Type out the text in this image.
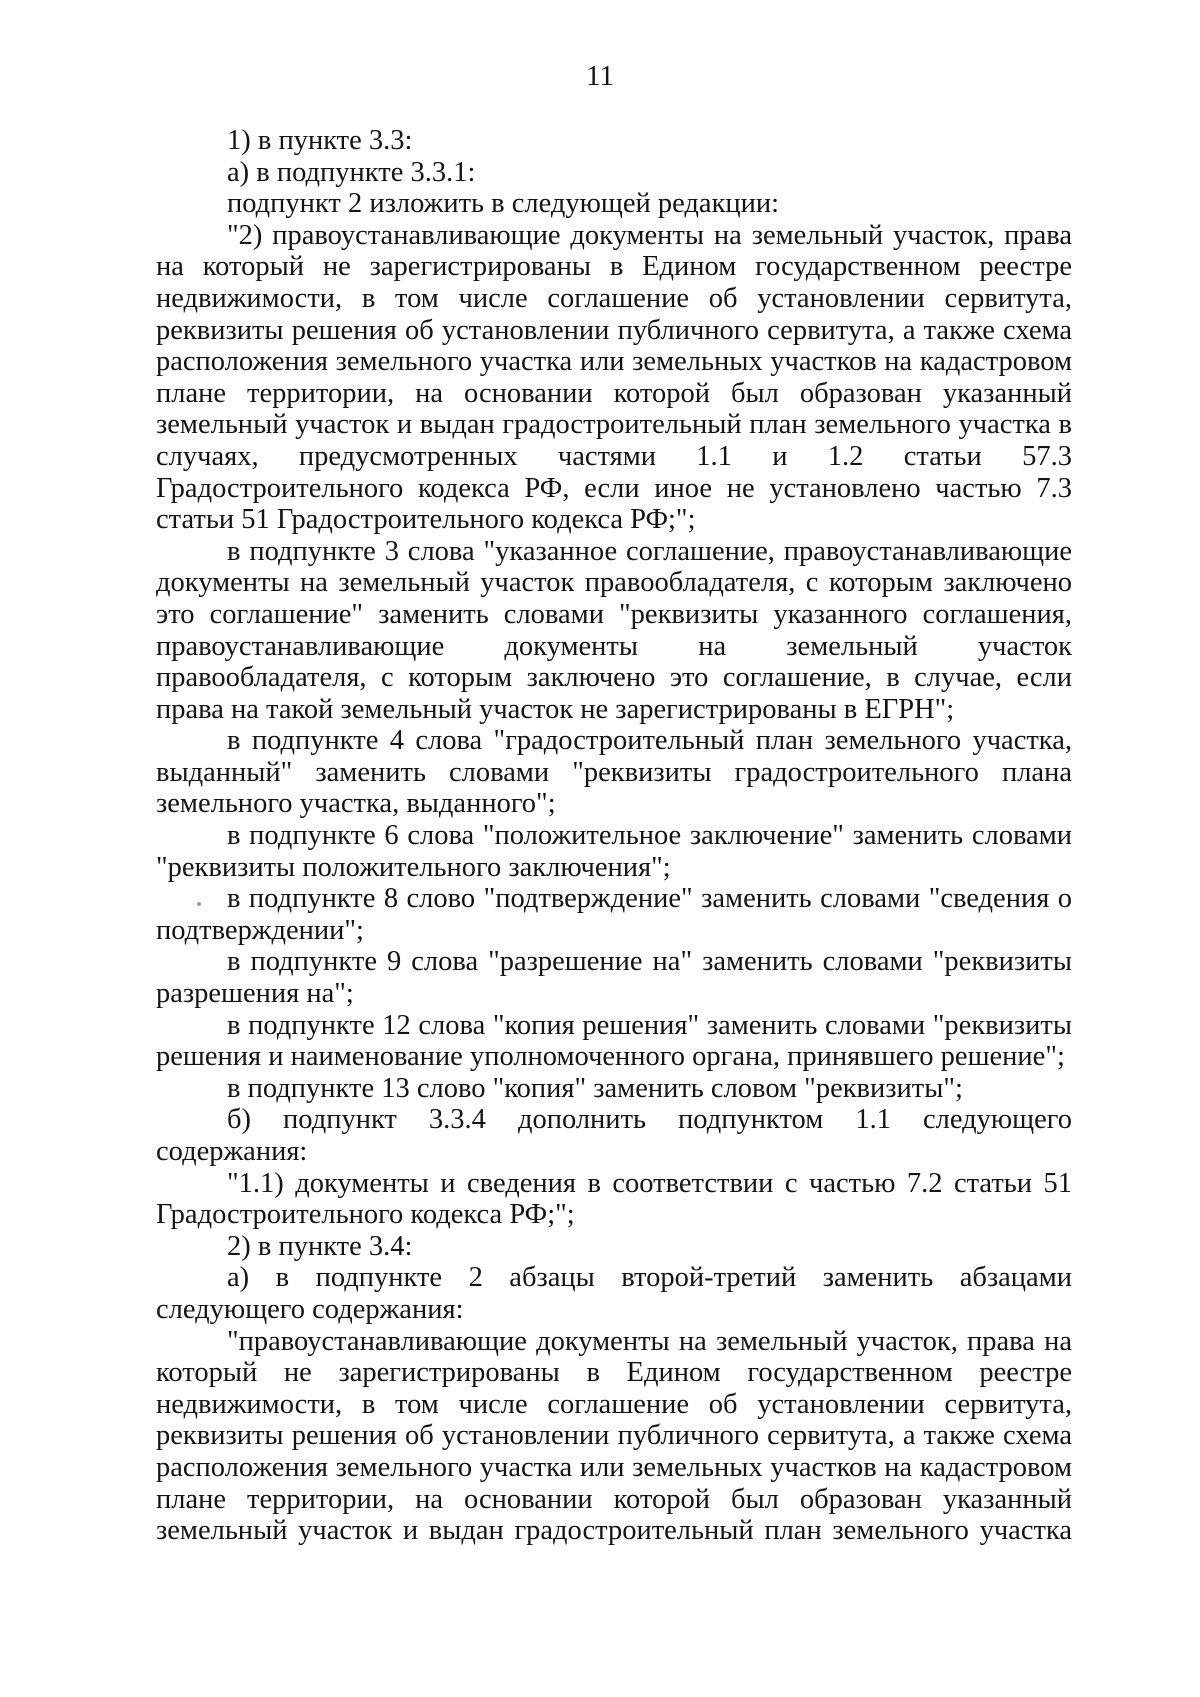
11

1) в пункте 3.3:

а) в подпункте 3.3.1:

подпункт 2 изложить в следующей редакции:

"2) правоустанавливающие документы на земельный участок, права на который не зарегистрированы в Едином государственном реестре недвижимости, в том числе соглашение об установлении сервитута, реквизиты решения об установлении публичного сервитута, а также схема расположения земельного участка или земельных участков на кадастровом плане территории, на основании которой был образован указанный земельный участок и выдан градостроительный план земельного участка в случаях, предусмотренных частями 1.1 и 1.2 статьи 57.3 Градостроительного кодекса РФ, если иное не установлено частью 7.3 статьи 51 Градостроительного кодекса РФ;";

в подпункте 3 слова "указанное соглашение, правоустанавливающие документы на земельный участок правообладателя, с которым заключено это соглашение" заменить словами "реквизиты указанного соглашения, правоустанавливающие документы на земельный участок правообладателя, с которым заключено это соглашение, в случае, если права на такой земельный участок не зарегистрированы в ЕГРН";

в подпункте 4 слова "градостроительный план земельного участка, выданный" заменить словами "реквизиты градостроительного плана земельного участка, выданного";

в подпункте 6 слова "положительное заключение" заменить словами "реквизиты положительного заключения";

в подпункте 8 слово "подтверждение" заменить словами "сведения о подтверждении";

в подпункте 9 слова "разрешение на" заменить словами "реквизиты разрешения на";

в подпункте 12 слова "копия решения" заменить словами "реквизиты решения и наименование уполномоченного органа, принявшего решение";

в подпункте 13 слово "копия" заменить словом "реквизиты";

б) подпункт 3.3.4 дополнить подпунктом 1.1 следующего содержания:

"1.1) документы и сведения в соответствии с частью 7.2 статьи 51 Градостроительного кодекса РФ;";

2) в пункте 3.4:

а) в подпункте 2 абзацы второй-третий заменить абзацами следующего содержания:

"правоустанавливающие документы на земельный участок, права на который не зарегистрированы в Едином государственном реестре недвижимости, в том числе соглашение об установлении сервитута, реквизиты решения об установлении публичного сервитута, а также схема расположения земельного участка или земельных участков на кадастровом плане территории, на основании которой был образован указанный земельный участок и выдан градостроительный план земельного участка
